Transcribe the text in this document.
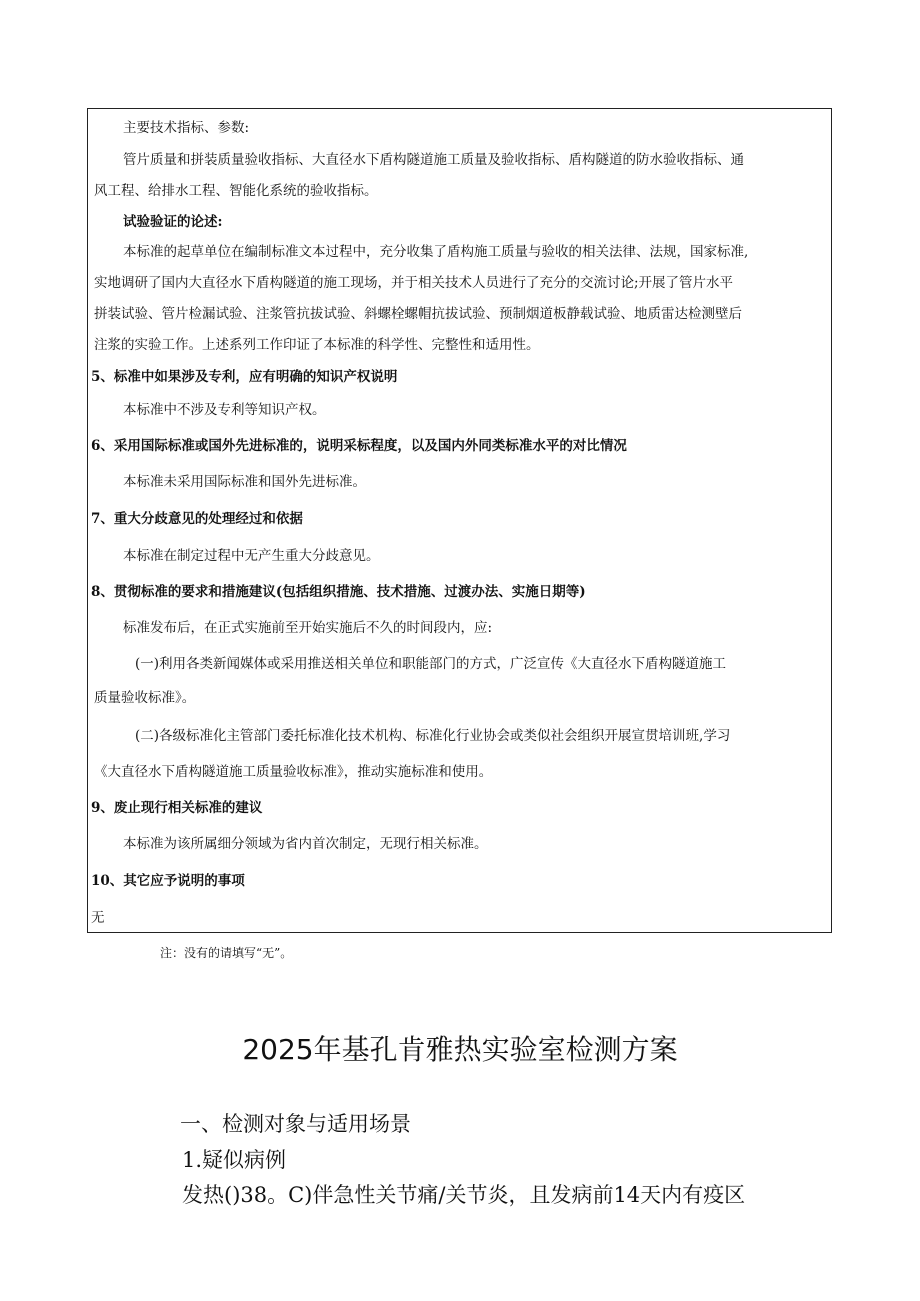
主要技术指标、参数:
管片质量和拼装质量验收指标、大直径水下盾构隧道施工质量及验收指标、盾构隧道的防水验收指标、通
风工程、给排水工程、智能化系统的验收指标。
试验验证的论述:
本标准的起草单位在编制标准文本过程中，充分收集了盾构施工质量与验收的相关法律、法规，国家标准,
实地调研了国内大直径水下盾构隧道的施工现场，并于相关技术人员进行了充分的交流讨论;开展了管片水平
拼装试验、管片检漏试验、注浆管抗拔试验、斜螺栓螺帽抗拔试验、预制烟道板静载试验、地质雷达检测壁后
注浆的实验工作。上述系列工作印证了本标准的科学性、完整性和适用性。
5、标准中如果涉及专利，应有明确的知识产权说明
本标准中不涉及专利等知识产权。
6、采用国际标准或国外先进标准的，说明采标程度，以及国内外同类标准水平的对比情况
本标准未采用国际标准和国外先进标准。
7、重大分歧意见的处理经过和依据
本标准在制定过程中无产生重大分歧意见。
8、贯彻标准的要求和措施建议(包括组织措施、技术措施、过渡办法、实施日期等)
标准发布后，在正式实施前至开始实施后不久的时间段内，应:
(一)利用各类新闻媒体或采用推送相关单位和职能部门的方式，广泛宣传《大直径水下盾构隧道施工
质量验收标准》。
(二)各级标准化主管部门委托标准化技术机构、标准化行业协会或类似社会组织开展宣贯培训班,学习
《大直径水下盾构隧道施工质量验收标准》，推动实施标准和使用。
9、废止现行相关标准的建议
本标准为该所属细分领域为省内首次制定，无现行相关标准。
10、其它应予说明的事项
无
注：没有的请填写“无”。
2025年基孔肯雅热实验室检测方案
一、检测对象与适用场景
1.疑似病例
发热()38。C)伴急性关节痛/关节炎，且发病前14天内有疫区
